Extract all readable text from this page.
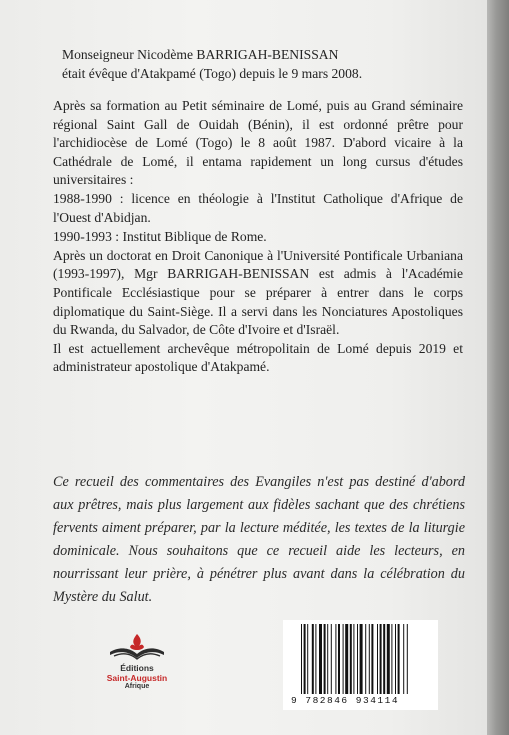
Monseigneur Nicodème BARRIGAH-BENISSAN
était évêque d'Atakpamé (Togo) depuis le 9 mars 2008.

Après sa formation au Petit séminaire de Lomé, puis au Grand séminaire régional Saint Gall de Ouidah (Bénin), il est ordonné prêtre pour l'archidiocèse de Lomé (Togo) le 8 août 1987. D'abord vicaire à la Cathédrale de Lomé, il entama rapidement un long cursus d'études universitaires :

1988-1990 : licence en théologie à l'Institut Catholique d'Afrique de l'Ouest d'Abidjan.

1990-1993 : Institut Biblique de Rome.

Après un doctorat en Droit Canonique à l'Université Pontificale Urbaniana (1993-1997), Mgr BARRIGAH-BENISSAN est admis à l'Académie Pontificale Ecclésiastique pour se préparer à entrer dans le corps diplomatique du Saint-Siège. Il a servi dans les Nonciatures Apostoliques du Rwanda, du Salvador, de Côte d'Ivoire et d'Israël.

Il est actuellement archevêque métropolitain de Lomé depuis 2019 et administrateur apostolique d'Atakpamé.

Ce recueil des commentaires des Evangiles n'est pas destiné d'abord aux prêtres, mais plus largement aux fidèles sachant que des chrétiens fervents aiment préparer, par la lecture méditée, les textes de la liturgie dominicale. Nous souhaitons que ce recueil aide les lecteurs, en nourrissant leur prière, à pénétrer plus avant dans la célébration du Mystère du Salut.
Éditions
Saint-Augustin
Afrique
9 782846 934114
